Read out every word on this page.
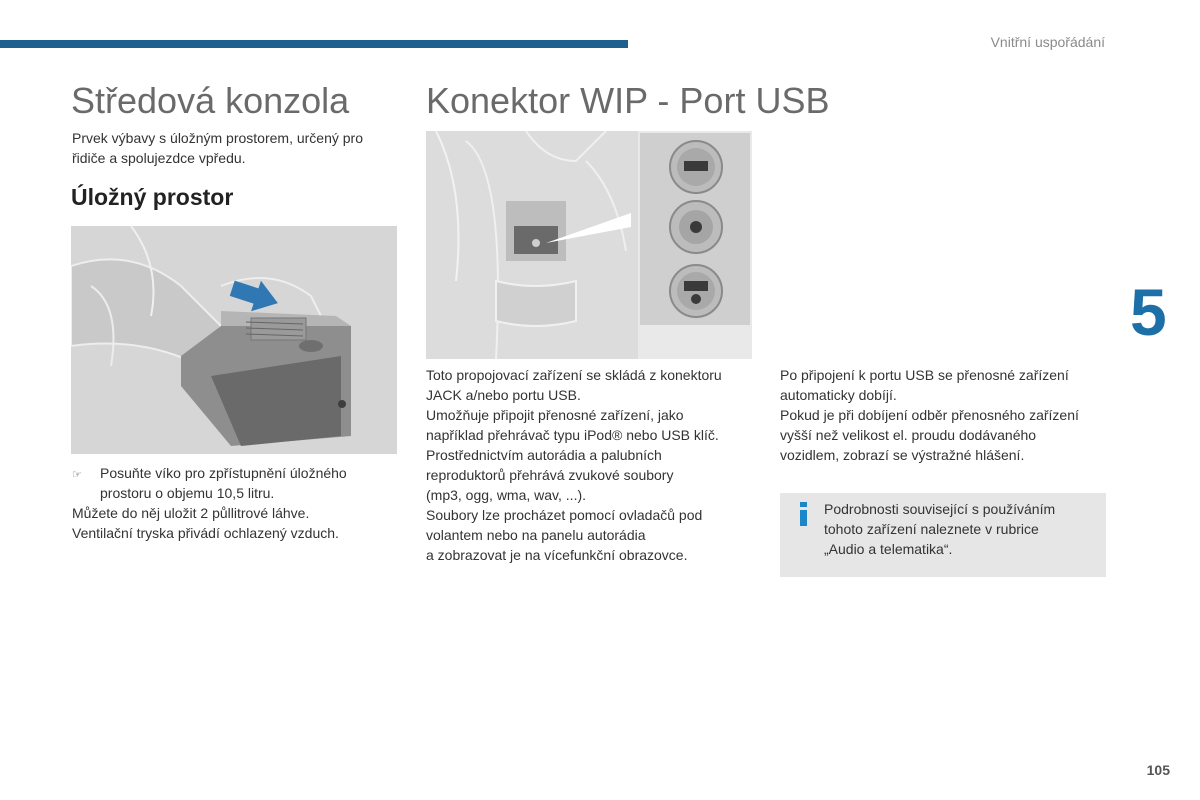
Vnitřní uspořádání
5
105
Středová konzola Konektor WIP - Port USB

Prvek výbavy s úložným prostorem, určený pro
řidiče a spolujezdce vpředu.

Úložný prostor
☞	Posuňte víko pro zpřístupnění úložného
prostoru o objemu 10,5 litru.
Můžete do něj uložit 2 půllitrové láhve.
Ventilační tryska přivádí ochlazený vzduch.

Toto propojovací zařízení se skládá z konektoru
JACK a/nebo portu USB.
Umožňuje připojit přenosné zařízení, jako
například přehrávač typu iPod® nebo USB klíč.
Prostřednictvím autorádia a palubních
reproduktorů přehrává zvukové soubory
(mp3, ogg, wma, wav, ...).
Soubory lze procházet pomocí ovladačů pod
volantem nebo na panelu autorádia
a zobrazovat je na vícefunkční obrazovce.

Po připojení k portu USB se přenosné zařízení
automaticky dobíjí.
Pokud je při dobíjení odběr přenosného zařízení
vyšší než velikost el. proudu dodávaného
vozidlem, zobrazí se výstražné hlášení.

Podrobnosti související s používáním
tohoto zařízení naleznete v rubrice
„Audio a telematika“.
